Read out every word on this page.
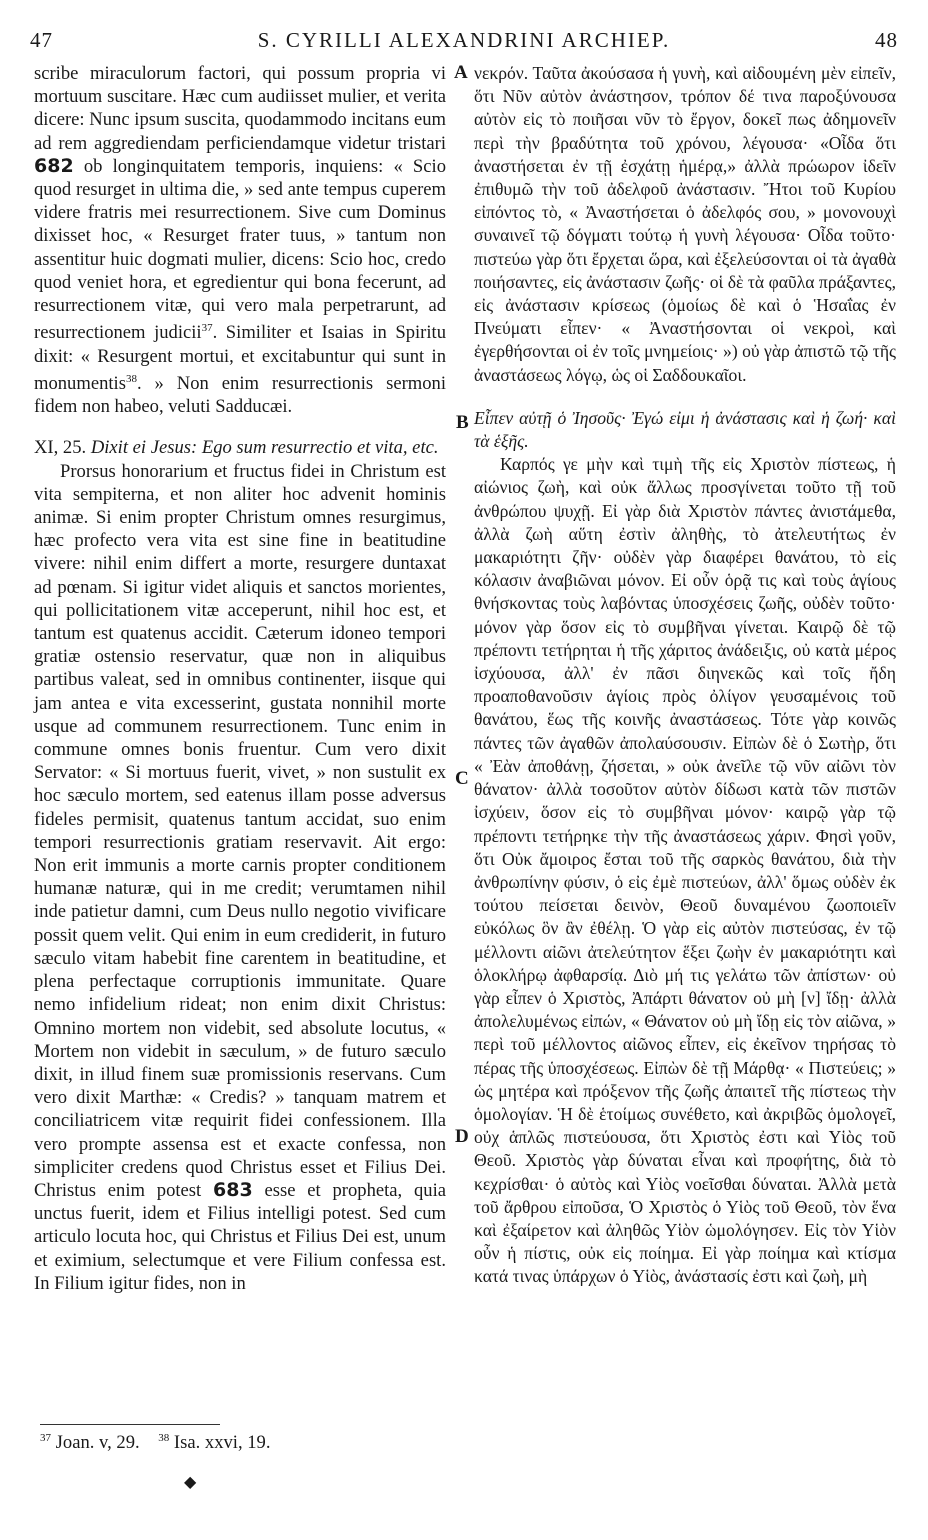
47	S. CYRILLI ALEXANDRINI ARCHIEP.	48
A
B
C
D

scribe miraculorum factori, qui possum propria vi mortuum suscitare. Hæc cum audiisset mulier, et verita dicere: Nunc ipsum suscita, quodammodo incitans eum ad rem aggrediendam perficiendamque videtur tristari 682 ob longinquitatem temporis, inquiens: « Scio quod resurget in ultima die, » sed ante tempus cuperem videre fratris mei resurrectionem. Sive cum Dominus dixisset hoc, « Resurget frater tuus, » tantum non assentitur huic dogmati mulier, dicens: Scio hoc, credo quod veniet hora, et egredientur qui bona fecerunt, ad resurrectionem vitæ, qui vero mala perpetrarunt, ad resurrectionem judicii$^{37}$. Similiter et Isaias in Spiritu dixit: « Resurgent mortui, et excitabuntur qui sunt in monumentis$^{38}$. » Non enim resurrectionis sermoni fidem non habeo, veluti Sadducæi.

XI, 25. Dixit ei Jesus: Ego sum resurrectio et vita, etc.

Prorsus honorarium et fructus fidei in Christum est vita sempiterna, et non aliter hoc advenit hominis animæ. Si enim propter Christum omnes resurgimus, hæc profecto vera vita est sine fine in beatitudine vivere: nihil enim differt a morte, resurgere duntaxat ad pœnam. Si igitur videt aliquis et sanctos morientes, qui pollicitationem vitæ acceperunt, nihil hoc est, et tantum est quatenus accidit. Cæterum idoneo tempori gratiæ ostensio reservatur, quæ non in aliquibus partibus valeat, sed in omnibus continenter, iisque qui jam antea e vita excesserint, gustata nonnihil morte usque ad communem resurrectionem. Tunc enim in commune omnes bonis fruentur. Cum vero dixit Servator: « Si mortuus fuerit, vivet, » non sustulit ex hoc sæculo mortem, sed eatenus illam posse adversus fideles permisit, quatenus tantum accidat, suo enim tempori resurrectionis gratiam reservavit. Ait ergo: Non erit immunis a morte carnis propter conditionem humanæ naturæ, qui in me credit; verumtamen nihil inde patietur damni, cum Deus nullo negotio vivificare possit quem velit. Qui enim in eum crediderit, in futuro sæculo vitam habebit fine carentem in beatitudine, et plena perfectaque corruptionis immunitate. Quare nemo infidelium rideat; non enim dixit Christus: Omnino mortem non videbit, sed absolute locutus, « Mortem non videbit in sæculum, » de futuro sæculo dixit, in illud finem suæ promissionis reservans. Cum vero dixit Marthæ: « Credis? » tanquam matrem et conciliatricem vitæ requirit fidei confessionem. Illa vero prompte assensa est et exacte confessa, non simpliciter credens quod Christus esset et Filius Dei. Christus enim potest 683 esse et propheta, quia unctus fuerit, idem et Filius intelligi potest. Sed cum articulo locuta hoc, qui Christus et Filius Dei est, unum et eximium, selectumque et vere Filium confessa est. In Filium igitur fides, non in

νεκρόν. Ταῦτα ἀκούσασα ἡ γυνὴ, καὶ αἰδουμένη μὲν εἰπεῖν, ὅτι Νῦν αὐτὸν ἀνάστησον, τρόπον δέ τινα παροξύνουσα αὐτὸν εἰς τὸ ποιῆσαι νῦν τὸ ἔργον, δοκεῖ πως ἀδημονεῖν περὶ τὴν βραδύτητα τοῦ χρόνου, λέγουσα· «Οἶδα ὅτι ἀναστήσεται ἐν τῇ ἐσχάτῃ ἡμέρᾳ,» ἀλλὰ πρώωρον ἰδεῖν ἐπιθυμῶ τὴν τοῦ ἀδελφοῦ ἀνάστασιν. Ἤτοι τοῦ Κυρίου εἰπόντος τὸ, « Ἀναστήσεται ὁ ἀδελφός σου, » μονονουχὶ συναινεῖ τῷ δόγματι τούτῳ ἡ γυνὴ λέγουσα· Οἶδα τοῦτο· πιστεύω γὰρ ὅτι ἔρχεται ὥρα, καὶ ἐξελεύσονται οἱ τὰ ἀγαθὰ ποιήσαντες, εἰς ἀνάστασιν ζωῆς· οἱ δὲ τὰ φαῦλα πράξαντες, εἰς ἀνάστασιν κρίσεως (ὁμοίως δὲ καὶ ὁ Ἡσαΐας ἐν Πνεύματι εἶπεν· « Ἀναστήσονται οἱ νεκροὶ, καὶ ἐγερθήσονται οἱ ἐν τοῖς μνημείοις· ») οὐ γὰρ ἀπιστῶ τῷ τῆς ἀναστάσεως λόγῳ, ὡς οἱ Σαδδουκαῖοι.

Εἶπεν αὐτῇ ὁ Ἰησοῦς· Ἐγώ εἰμι ἡ ἀνάστασις καὶ ἡ ζωή· καὶ τὰ ἑξῆς.

Καρπός γε μὴν καὶ τιμὴ τῆς εἰς Χριστὸν πίστεως, ἡ αἰώνιος ζωὴ, καὶ οὐκ ἄλλως προσγίνεται τοῦτο τῇ τοῦ ἀνθρώπου ψυχῇ. Εἰ γὰρ διὰ Χριστὸν πάντες ἀνιστάμεθα, ἀλλὰ ζωὴ αὕτη ἐστὶν ἀληθὴς, τὸ ἀτελευτήτως ἐν μακαριότητι ζῆν· οὐδὲν γὰρ διαφέρει θανάτου, τὸ εἰς κόλασιν ἀναβιῶναι μόνον. Εἰ οὖν ὁρᾷ τις καὶ τοὺς ἁγίους θνήσκοντας τοὺς λαβόντας ὑποσχέσεις ζωῆς, οὐδὲν τοῦτο· μόνον γὰρ ὅσον εἰς τὸ συμβῆναι γίνεται. Καιρῷ δὲ τῷ πρέποντι τετήρηται ἡ τῆς χάριτος ἀνάδειξις, οὐ κατὰ μέρος ἰσχύουσα, ἀλλ' ἐν πᾶσι διηνεκῶς καὶ τοῖς ἤδη προαποθανοῦσιν ἁγίοις πρὸς ὀλίγον γευσαμένοις τοῦ θανάτου, ἕως τῆς κοινῆς ἀναστάσεως. Τότε γὰρ κοινῶς πάντες τῶν ἀγαθῶν ἀπολαύσουσιν. Εἰπὼν δὲ ὁ Σωτὴρ, ὅτι « Ἐὰν ἀποθάνῃ, ζήσεται, » οὐκ ἀνεῖλε τῷ νῦν αἰῶνι τὸν θάνατον· ἀλλὰ τοσοῦτον αὐτὸν δίδωσι κατὰ τῶν πιστῶν ἰσχύειν, ὅσον εἰς τὸ συμβῆναι μόνον· καιρῷ γὰρ τῷ πρέποντι τετήρηκε τὴν τῆς ἀναστάσεως χάριν. Φησὶ γοῦν, ὅτι Οὐκ ἄμοιρος ἔσται τοῦ τῆς σαρκὸς θανάτου, διὰ τὴν ἀνθρωπίνην φύσιν, ὁ εἰς ἐμὲ πιστεύων, ἀλλ' ὅμως οὐδὲν ἐκ τούτου πείσεται δεινὸν, Θεοῦ δυναμένου ζωοποιεῖν εὐκόλως ὃν ἂν ἐθέλῃ. Ὁ γὰρ εἰς αὐτὸν πιστεύσας, ἐν τῷ μέλλοντι αἰῶνι ἀτελεύτητον ἕξει ζωὴν ἐν μακαριότητι καὶ ὁλοκλήρῳ ἀφθαρσίᾳ. Διὸ μή τις γελάτω τῶν ἀπίστων· οὐ γὰρ εἶπεν ὁ Χριστὸς, Ἀπάρτι θάνατον οὐ μὴ [ν] ἴδῃ· ἀλλὰ ἀπολελυμένως εἰπών, « Θάνατον οὐ μὴ ἴδῃ εἰς τὸν αἰῶνα, » περὶ τοῦ μέλλοντος αἰῶνος εἶπεν, εἰς ἐκεῖνον τηρήσας τὸ πέρας τῆς ὑποσχέσεως. Εἰπὼν δὲ τῇ Μάρθᾳ· « Πιστεύεις; » ὡς μητέρα καὶ πρόξενον τῆς ζωῆς ἀπαιτεῖ τῆς πίστεως τὴν ὁμολογίαν. Ἡ δὲ ἑτοίμως συνέθετο, καὶ ἀκριβῶς ὁμολογεῖ, οὐχ ἁπλῶς πιστεύουσα, ὅτι Χριστὸς ἐστι καὶ Υἱὸς τοῦ Θεοῦ. Χριστὸς γὰρ δύναται εἶναι καὶ προφήτης, διὰ τὸ κεχρίσθαι· ὁ αὐτὸς καὶ Υἱὸς νοεῖσθαι δύναται. Ἀλλὰ μετὰ τοῦ ἄρθρου εἰποῦσα, Ὁ Χριστὸς ὁ Υἱὸς τοῦ Θεοῦ, τὸν ἕνα καὶ ἐξαίρετον καὶ ἀληθῶς Υἱὸν ὡμολόγησεν. Εἰς τὸν Υἱὸν οὖν ἡ πίστις, οὐκ εἰς ποίημα. Εἰ γὰρ ποίημα καὶ κτίσμα κατά τινας ὑπάρχων ὁ Υἱὸς, ἀνάστασίς ἐστι καὶ ζωὴ, μὴ

$^{37}$ Joan. v, 29. $^{38}$ Isa. xxvi, 19.
◆
